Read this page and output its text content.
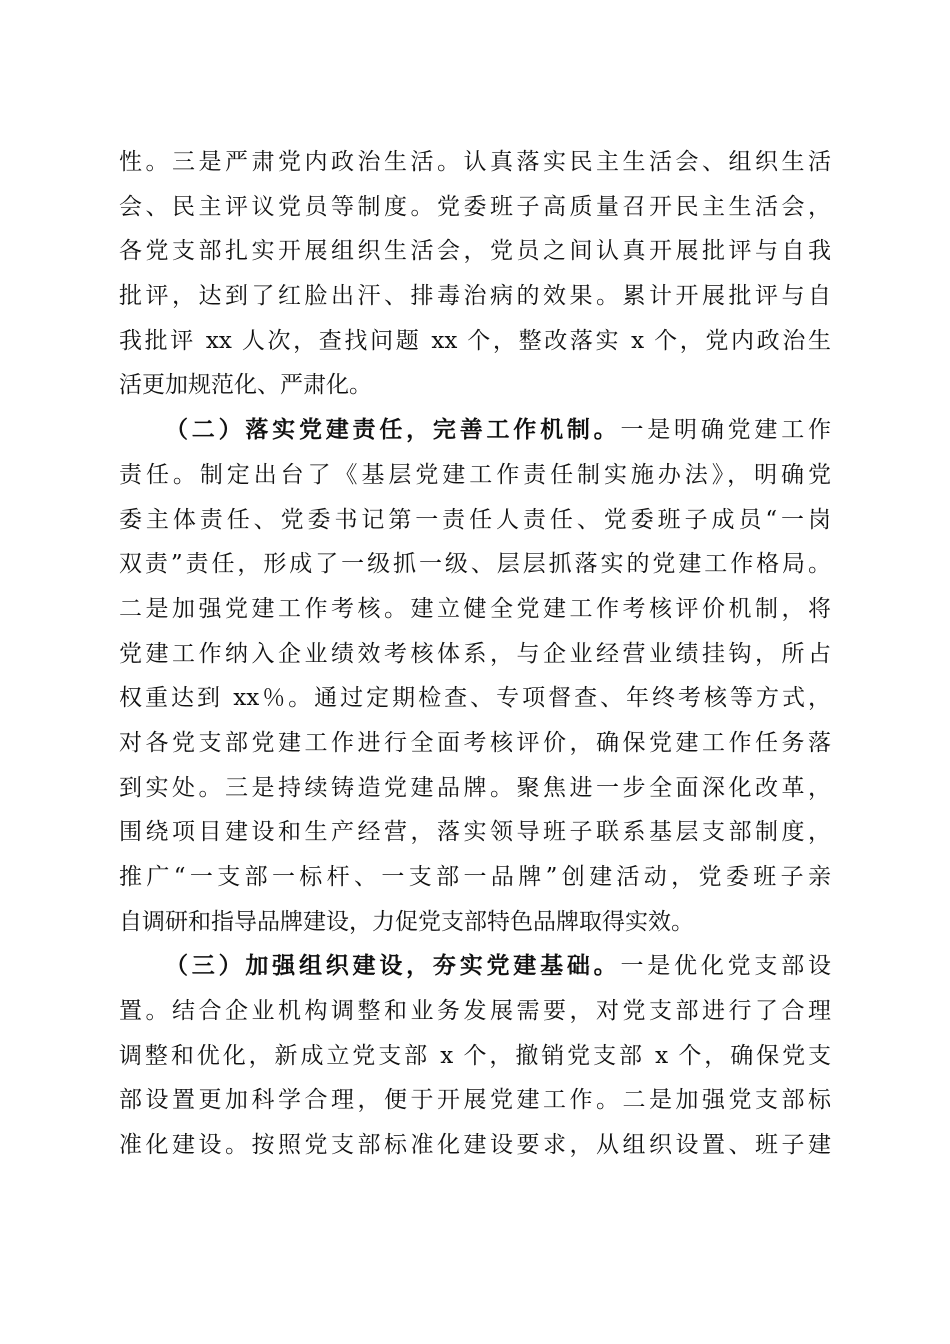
性。三是严肃党内政治生活。认真落实民主生活会、组织生活
会、民主评议党员等制度。党委班子高质量召开民主生活会，
各党支部扎实开展组织生活会，党员之间认真开展批评与自我
批评，达到了红脸出汗、排毒治病的效果。累计开展批评与自
我批评 xx 人次，查找问题 xx 个，整改落实 x 个，党内政治生
活更加规范化、严肃化。
（二）落实党建责任，完善工作机制。一是明确党建工作
责任。制定出台了《基层党建工作责任制实施办法》，明确党
委主体责任、党委书记第一责任人责任、党委班子成员“一岗
双责”责任，形成了一级抓一级、层层抓落实的党建工作格局。
二是加强党建工作考核。建立健全党建工作考核评价机制，将
党建工作纳入企业绩效考核体系，与企业经营业绩挂钩，所占
权重达到 xx％。通过定期检查、专项督查、年终考核等方式，
对各党支部党建工作进行全面考核评价，确保党建工作任务落
到实处。三是持续铸造党建品牌。聚焦进一步全面深化改革，
围绕项目建设和生产经营，落实领导班子联系基层支部制度，
推广“一支部一标杆、一支部一品牌”创建活动，党委班子亲
自调研和指导品牌建设，力促党支部特色品牌取得实效。
（三）加强组织建设，夯实党建基础。一是优化党支部设
置。结合企业机构调整和业务发展需要，对党支部进行了合理
调整和优化，新成立党支部 x 个，撤销党支部 x 个，确保党支
部设置更加科学合理，便于开展党建工作。二是加强党支部标
准化建设。按照党支部标准化建设要求，从组织设置、班子建
